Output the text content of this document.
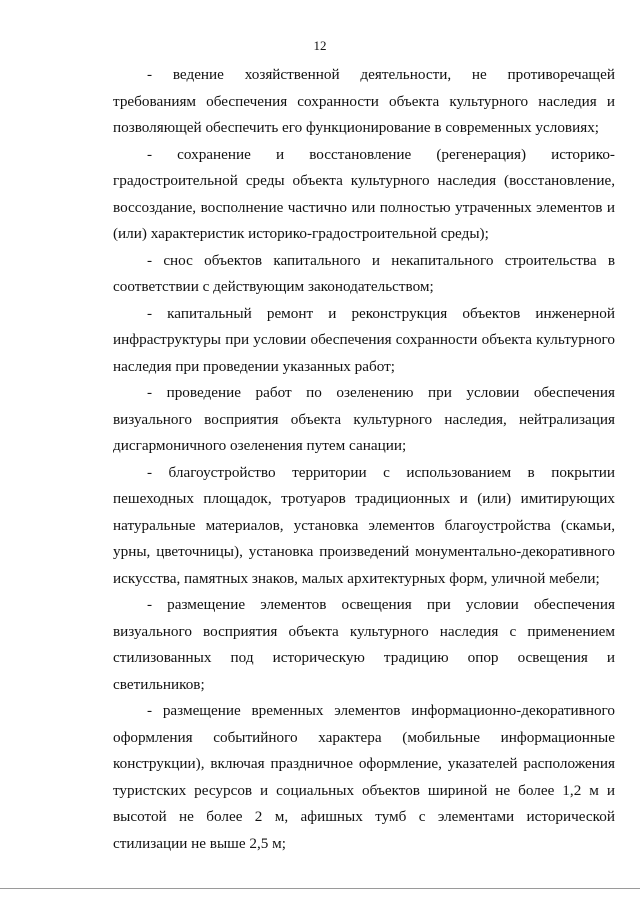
12

- ведение хозяйственной деятельности, не противоречащей требованиям обеспечения сохранности объекта культурного наследия и позволяющей обеспечить его функционирование в современных условиях;

- сохранение и восстановление (регенерация) историко-градостроительной среды объекта культурного наследия (восстановление, воссоздание, восполнение частично или полностью утраченных элементов и (или) характеристик историко-градостроительной среды);

- снос объектов капитального и некапитального строительства в соответствии с действующим законодательством;

- капитальный ремонт и реконструкция объектов инженерной инфраструктуры при условии обеспечения сохранности объекта культурного наследия при проведении указанных работ;

- проведение работ по озеленению при условии обеспечения визуального восприятия объекта культурного наследия, нейтрализация дисгармоничного озеленения путем санации;

- благоустройство территории с использованием в покрытии пешеходных площадок, тротуаров традиционных и (или) имитирующих натуральные материалов, установка элементов благоустройства (скамьи, урны, цветочницы), установка произведений монументально-декоративного искусства, памятных знаков, малых архитектурных форм, уличной мебели;

- размещение элементов освещения при условии обеспечения визуального восприятия объекта культурного наследия с применением стилизованных под историческую традицию опор освещения и светильников;

- размещение временных элементов информационно-декоративного оформления событийного характера (мобильные информационные конструкции), включая праздничное оформление, указателей расположения туристских ресурсов и социальных объектов шириной не более 1,2 м и высотой не более 2 м, афишных тумб с элементами исторической стилизации не выше 2,5 м;
